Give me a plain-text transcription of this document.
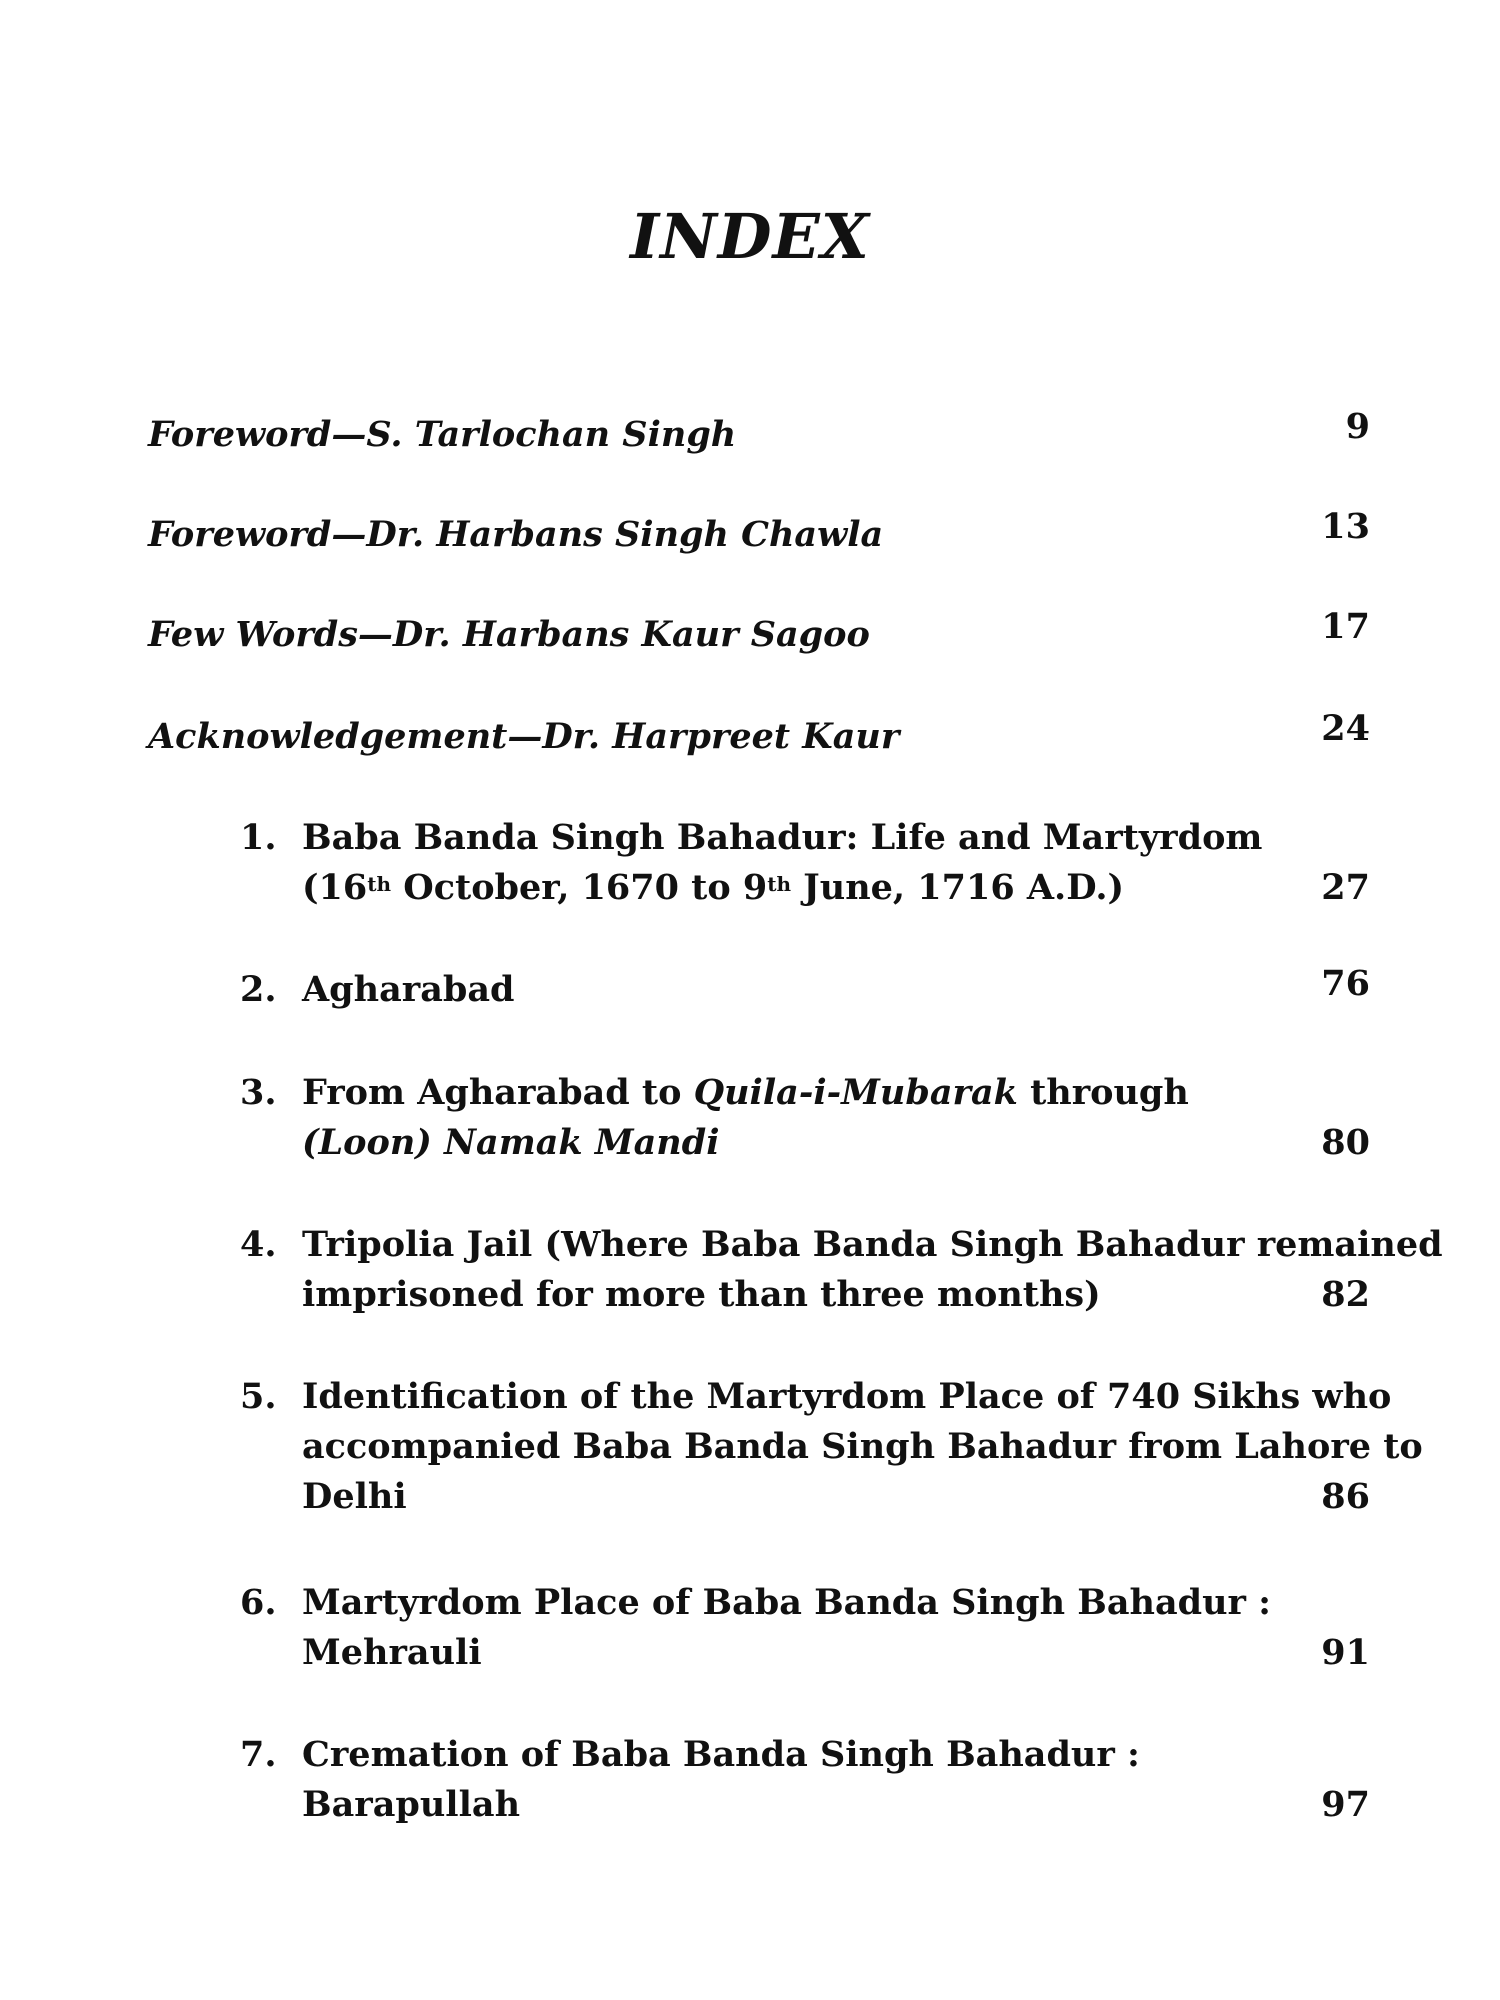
INDEX
Foreword—S. Tarlochan Singh	9
Foreword—Dr. Harbans Singh Chawla	13
Few Words—Dr. Harbans Kaur Sagoo	17
Acknowledgement—Dr. Harpreet Kaur	24
1. Baba Banda Singh Bahadur: Life and Martyrdom
(16th October, 1670 to 9th June, 1716 A.D.)	27
2. Agharabad	76
3. From Agharabad to Quila-i-Mubarak through
(Loon) Namak Mandi	80
4. Tripolia Jail (Where Baba Banda Singh Bahadur remained
imprisoned for more than three months)	82
5. Identification of the Martyrdom Place of 740 Sikhs who
accompanied Baba Banda Singh Bahadur from Lahore to
Delhi	86
6. Martyrdom Place of Baba Banda Singh Bahadur :
Mehrauli	91
7. Cremation of Baba Banda Singh Bahadur :
Barapullah	97
